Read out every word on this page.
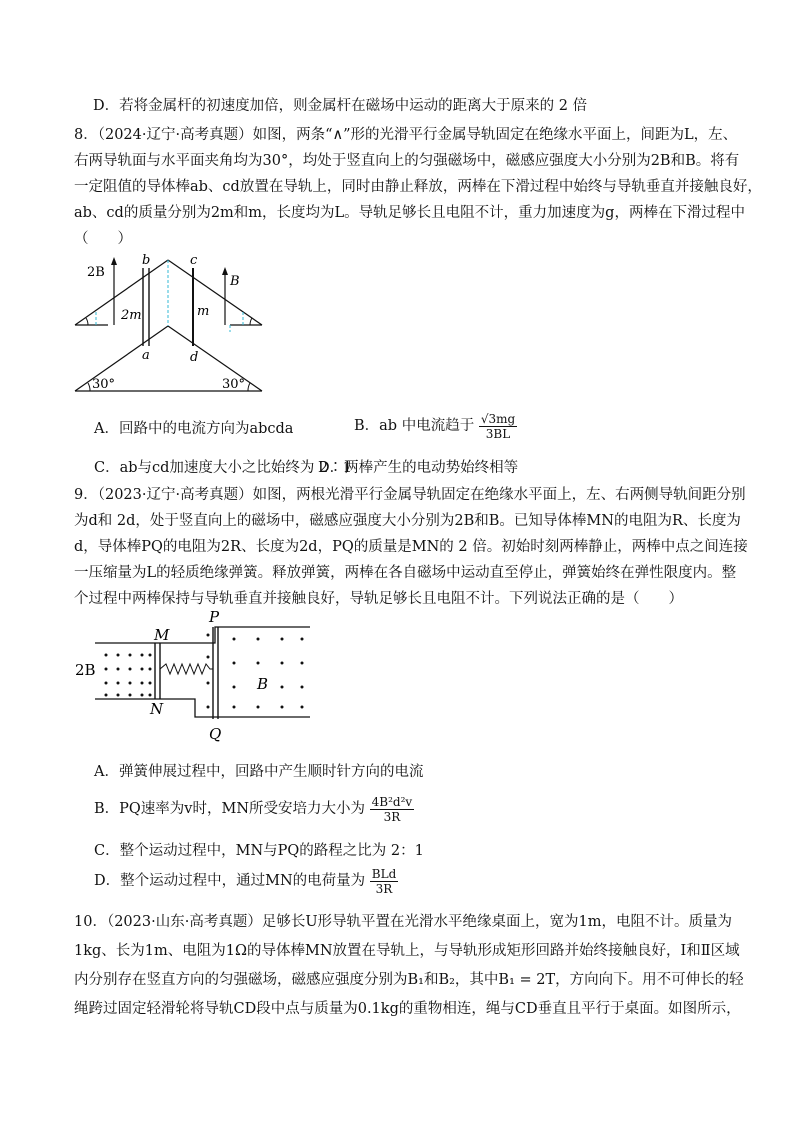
D．若将金属杆的初速度加倍，则金属杆在磁场中运动的距离大于原来的 2 倍
8．（2024·辽宁·高考真题）如图，两条“∧”形的光滑平行金属导轨固定在绝缘水平面上，间距为L，左、
右两导轨面与水平面夹角均为30°，均处于竖直向上的匀强磁场中，磁感应强度大小分别为2B和B。将有
一定阻值的导体棒ab、cd放置在导轨上，同时由静止释放，两棒在下滑过程中始终与导轨垂直并接触良好，
ab、cd的质量分别为2m和m，长度均为L。导轨足够长且电阻不计，重力加速度为g，两棒在下滑过程中
（　　）
2B
B
b	c
a	d
2m	m
30°	30°
A．回路中的电流方向为abcda	B．ab 中电流趋于 $\frac{√3mg}{3BL}$
C．ab与cd加速度大小之比始终为 2∶1
D．两棒产生的电动势始终相等
9．（2023·辽宁·高考真题）如图，两根光滑平行金属导轨固定在绝缘水平面上，左、右两侧导轨间距分别
为d和 2d，处于竖直向上的磁场中，磁感应强度大小分别为2B和B。已知导体棒MN的电阻为R、长度为
d，导体棒PQ的电阻为2R、长度为2d，PQ的质量是MN的 2 倍。初始时刻两棒静止，两棒中点之间连接
一压缩量为L的轻质绝缘弹簧。释放弹簧，两棒在各自磁场中运动直至停止，弹簧始终在弹性限度内。整
个过程中两棒保持与导轨垂直并接触良好，导轨足够长且电阻不计。下列说法正确的是（　　）
P
M
N
Q
2B
B
A．弹簧伸展过程中，回路中产生顺时针方向的电流
B．PQ速率为v时，MN所受安培力大小为 $\frac{\text{4B²d²v}}{3R}$
C．整个运动过程中，MN与PQ的路程之比为 2：1
D．整个运动过程中，通过MN的电荷量为 $\frac{\text{BLd}}{3R}$
10．（2023·山东·高考真题）足够长U形导轨平置在光滑水平绝缘桌面上，宽为1m，电阻不计。质量为
1kg、长为1m、电阻为1Ω的导体棒MN放置在导轨上，与导轨形成矩形回路并始终接触良好，Ⅰ和Ⅱ区域
内分别存在竖直方向的匀强磁场，磁感应强度分别为B₁和B₂，其中B₁ = 2T，方向向下。用不可伸长的轻
绳跨过固定轻滑轮将导轨CD段中点与质量为0.1kg的重物相连，绳与CD垂直且平行于桌面。如图所示，
